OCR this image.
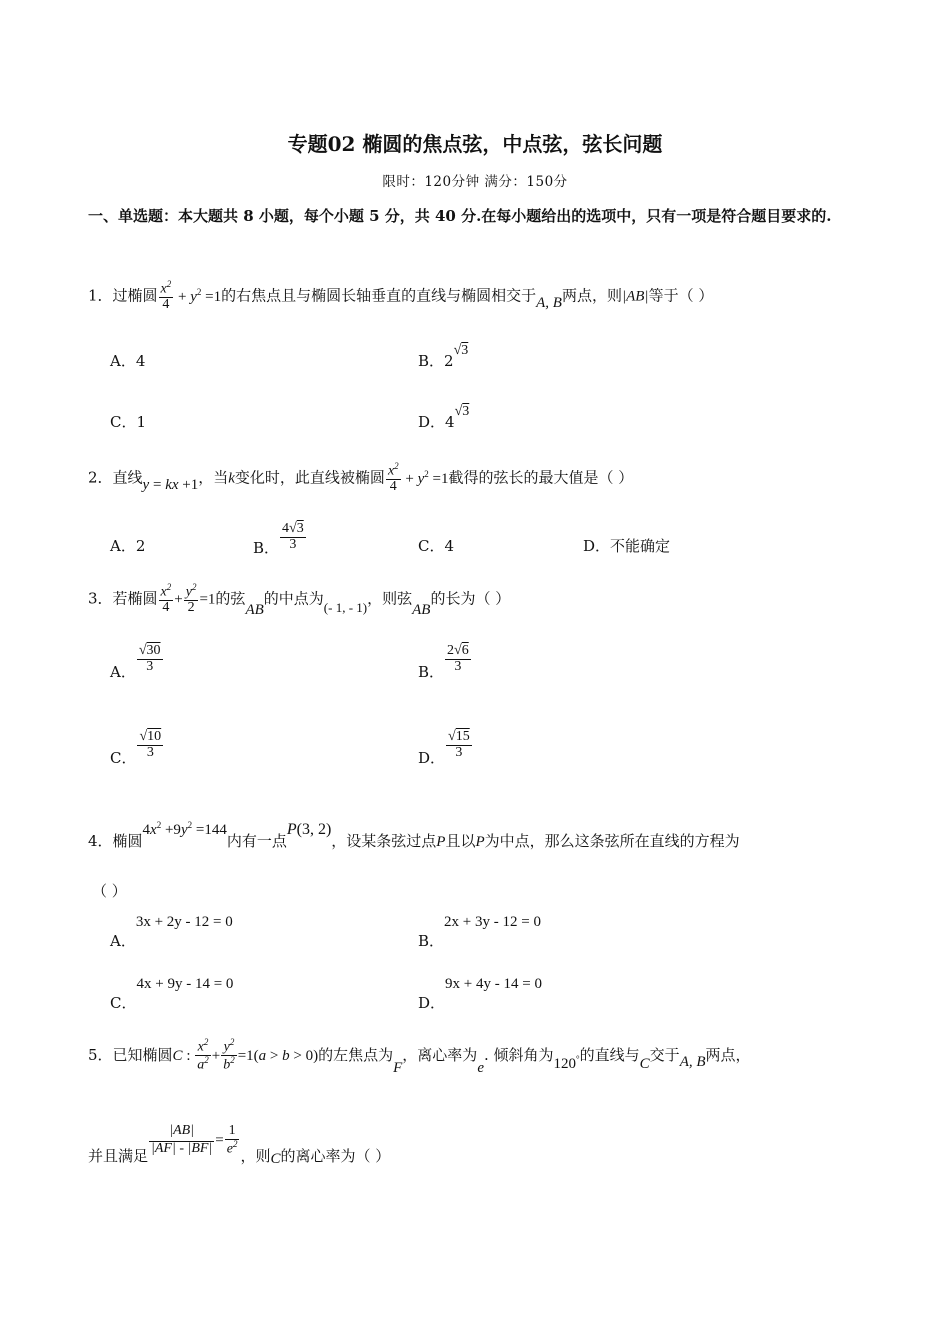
专题02 椭圆的焦点弦，中点弦，弦长问题
限时：120分钟 满分：150分
一、单选题：本大题共 8 小题，每个小题 5 分，共 40 分.在每小题给出的选项中，只有一项是符合题目要求的.
1．过椭圆 $\frac{x^2}{4} + y^2 =1$的右焦点且与椭圆长轴垂直的直线与椭圆相交于A, B两点，则|AB|等于（ ）
A．4	B．2√3
C．1	D．4√3
2．直线y = kx +1，当k变化时，此直线被椭圆 $\frac{x^2}{4} + y^2 =1$截得的弦长的最大值是（ ）
A．2	B． $\frac{4√3}{3}$	C．4	D．不能确定
3．若椭圆 $\frac{x^2}{4} + \frac{y^2}{2} =1$的弦AB的中点为(- 1, - 1)，则弦AB的长为（ ）
A． $\frac{√30}{3}$	B． $\frac{2√6}{3}$
C． $\frac{√10}{3}$	D． $\frac{√15}{3}$
4．椭圆$4x^2 +9y^2 =144$内有一点P(3, 2)，设某条弦过点P且以P为中点，那么这条弦所在直线的方程为
（ ）
A．3x + 2y - 12 = 0
B．2x + 3y - 12 = 0
C．4x + 9y - 14 = 0
D．9x + 4y - 14 = 0
5．已知椭圆C : $\frac{x^2}{a^2} + \frac{y^2}{b^2} =1(a > b > 0)$的左焦点为F，离心率为e. 倾斜角为120°的直线与C交于A, B两点，
并且满足 $\frac{|AB|}{|AF| - |BF|} = \frac{1}{e^2}$ ，则C的离心率为（ ）
